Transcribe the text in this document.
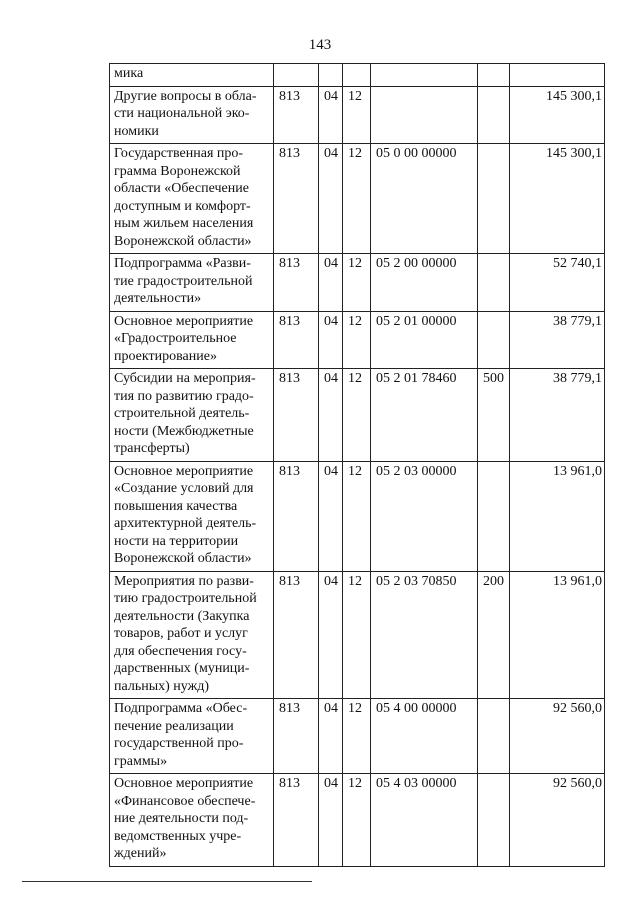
143
мика						
Другие вопросы в обла-сти национальной эко-номики	813	04	12			145 300,1
Государственная про-грамма Воронежской области «Обеспечение доступным и комфорт-ным жильем населения Воронежской области»	813	04	12	05 0 00 00000		145 300,1
Подпрограмма «Разви-тие градостроительной деятельности»	813	04	12	05 2 00 00000		52 740,1
Основное мероприятие «Градостроительное проектирование»	813	04	12	05 2 01 00000		38 779,1
Субсидии на мероприя-тия по развитию градо-строительной деятель-ности (Межбюджетные трансферты)	813	04	12	05 2 01 78460	500	38 779,1
Основное мероприятие «Создание условий для повышения качества архитектурной деятель-ности на территории Воронежской области»	813	04	12	05 2 03 00000		13 961,0
Мероприятия по разви-тию градостроительной деятельности (Закупка товаров, работ и услуг для обеспечения госу-дарственных (муници-пальных) нужд)	813	04	12	05 2 03 70850	200	13 961,0
Подпрограмма «Обес-печение реализации государственной про-граммы»	813	04	12	05 4 00 00000		92 560,0
Основное мероприятие «Финансовое обеспече-ние деятельности под-ведомственных учре-ждений»	813	04	12	05 4 03 00000		92 560,0
